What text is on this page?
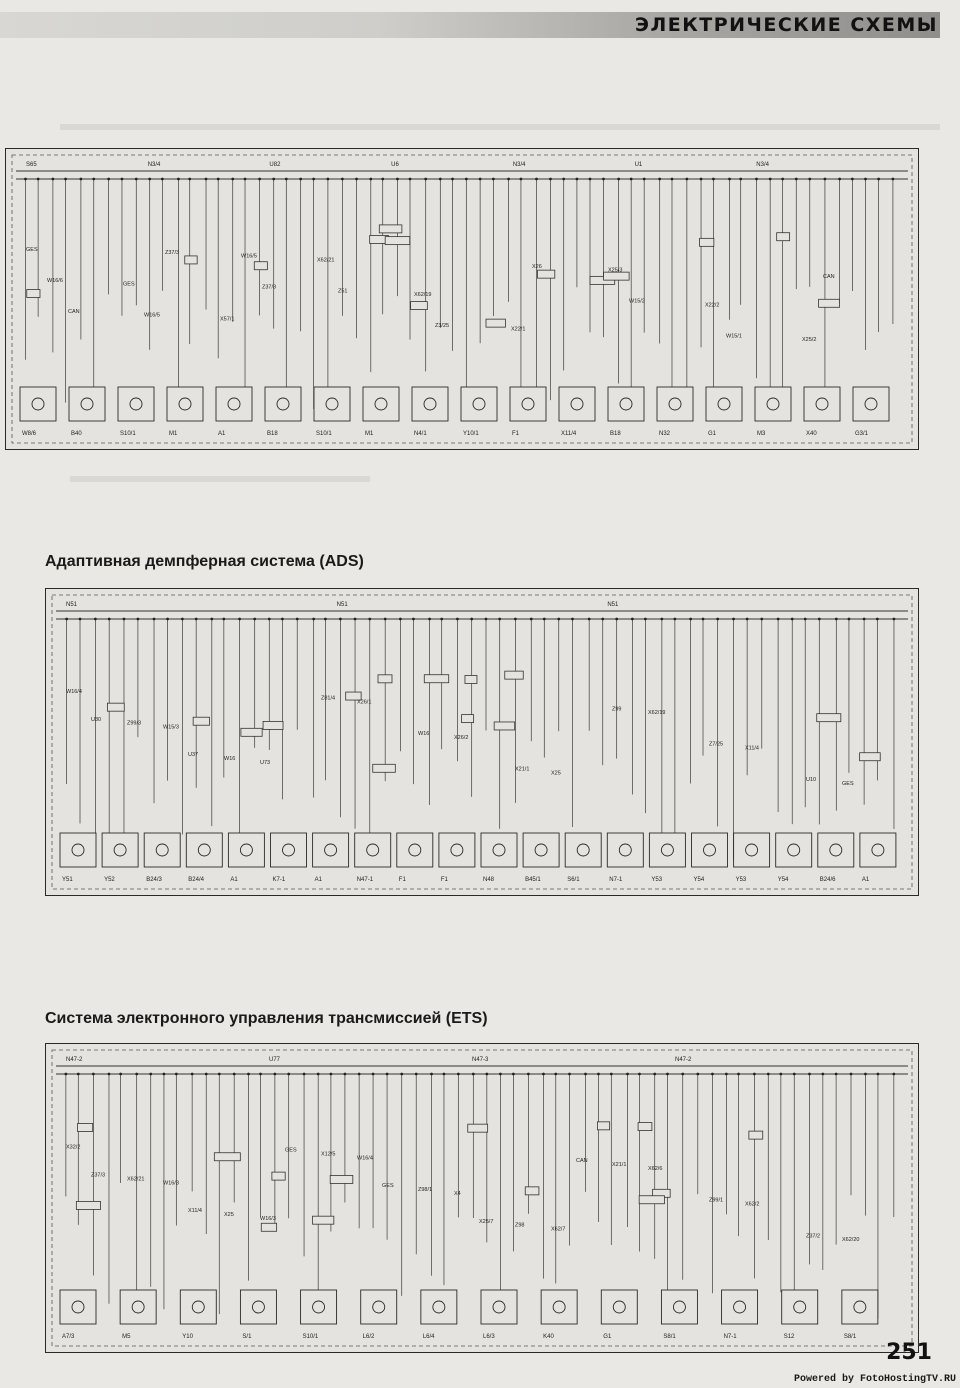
ЭЛЕКТРИЧЕСКИЕ СХЕМЫ
S65	N3/4	U82	U6	N3/4	U1	N3/4
GES
GES
X57/1
X62/21
X62/19
X22/1
X25/3
X22/2
X25/2
W16/6
W16/5
W16/5
Z51
Z3/25
X26
W15/2
W15/1
CAN
CAN
Z37/3
Z37/3
W8/6	B40	S10/1	M1	A1	B18	S10/1	M1	N4/1	Y10/1	F1	X11/4	B18	N32	G1	M3	X40	G3/1
Адаптивная демпферная система (ADS)
N51	N51	N51
W16/4
W15/3
U73
X26/1
X26/2
X25
X62/19
X11/4
GES
Z99/3
W16
Z81/4
W16
X21/1
Z99
Z7/25
U10
U30
U37
Y51	Y52	B24/3	B24/4	A1	K7-1	A1	N47-1	F1	F1	N48	B45/1	S6/1	N7-1	Y53	Y54	Y53	Y54	B24/6	A1
Система электронного управления трансмиссией (ETS)
N47-2	U77	N47-3	N47-2
X32/2
W16/3
W16/3
W16/4
X4
X62/7
X62/6
X62/2
X62/20
X62/21
X25
X12/5
Z98/1
Z98
X21/1
Z99/1
Z37/2
Z37/3
X11/4
GES
GES
X25/7
CAN
A7/3	M5	Y10	S/1	S10/1	L6/2	L6/4	L6/3	K40	G1	S8/1	N7-1	S12	S8/1
251
Powered by FotoHostingTV.RU
